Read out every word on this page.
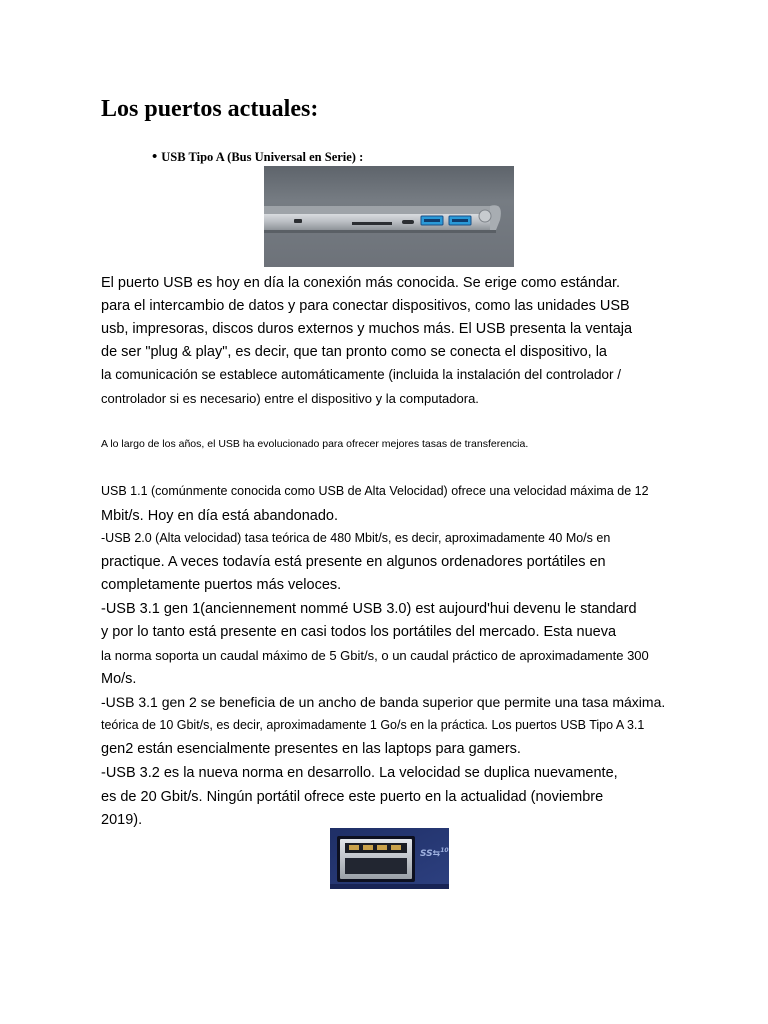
Los puertos actuales:
• USB Tipo A (Bus Universal en Serie) :

El puerto USB es hoy en día la conexión más conocida. Se erige como estándar.

para el intercambio de datos y para conectar dispositivos, como las unidades USB

usb, impresoras, discos duros externos y muchos más. El USB presenta la ventaja

de ser "plug & play", es decir, que tan pronto como se conecta el dispositivo, la

la comunicación se establece automáticamente (incluida la instalación del controlador /

controlador si es necesario) entre el dispositivo y la computadora.

A lo largo de los años, el USB ha evolucionado para ofrecer mejores tasas de transferencia.

USB 1.1 (comúnmente conocida como USB de Alta Velocidad) ofrece una velocidad máxima de 12

Mbit/s. Hoy en día está abandonado.

-USB 2.0 (Alta velocidad) tasa teórica de 480 Mbit/s, es decir, aproximadamente 40 Mo/s en

practique. A veces todavía está presente en algunos ordenadores portátiles en

completamente puertos más veloces.

-USB 3.1 gen 1(anciennement nommé USB 3.0) est aujourd'hui devenu le standard

y por lo tanto está presente en casi todos los portátiles del mercado. Esta nueva

la norma soporta un caudal máximo de 5 Gbit/s, o un caudal práctico de aproximadamente 300

Mo/s.

-USB 3.1 gen 2 se beneficia de un ancho de banda superior que permite una tasa máxima.

teórica de 10 Gbit/s, es decir, aproximadamente 1 Go/s en la práctica. Los puertos USB Tipo A 3.1

gen2 están esencialmente presentes en las laptops para gamers.

-USB 3.2 es la nueva norma en desarrollo. La velocidad se duplica nuevamente,

es de 20 Gbit/s. Ningún portátil ofrece este puerto en la actualidad (noviembre

2019).

SS⇆$^{10}$
